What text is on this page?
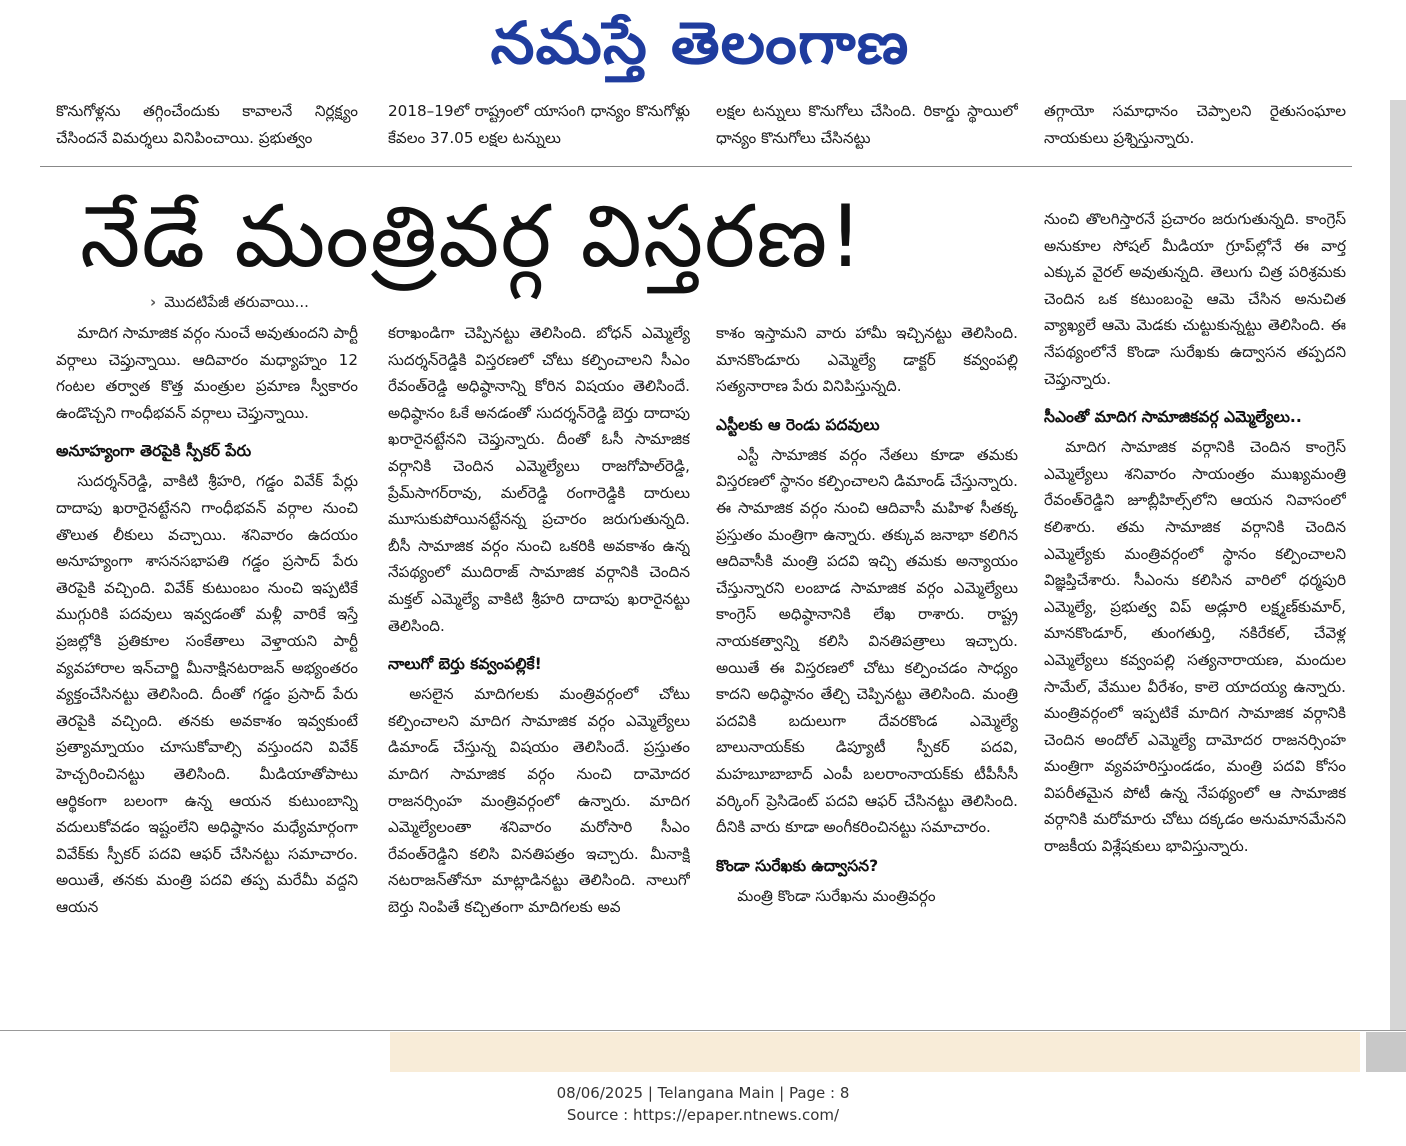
నమస్తే తెలంగాణ

కొనుగోళ్లను తగ్గించేందుకు కావాలనే నిర్లక్ష్యం చేసిందనే విమర్శలు వినిపించాయి. ప్రభుత్వం

2018–19లో రాష్ట్రంలో యాసంగి ధాన్యం కొనుగోళ్లు కేవలం 37.05 లక్షల టన్నులు

లక్షల టన్నులు కొనుగోలు చేసింది. రికార్డు స్థాయిలో ధాన్యం కొనుగోలు చేసినట్టు

తగ్గాయో సమాధానం చెప్పాలని రైతుసంఘాల నాయకులు ప్రశ్నిస్తున్నారు.

నేడే మంత్రివర్గ విస్తరణ!
› మొదటిపేజీ తరువాయి...

మాదిగ సామాజిక వర్గం నుంచే అవుతుందని పార్టీ వర్గాలు చెప్తున్నాయి. ఆదివారం మధ్యాహ్నం 12 గంటల తర్వాత కొత్త మంత్రుల ప్రమాణ స్వీకారం ఉండొచ్చని గాంధీభవన్ వర్గాలు చెప్తున్నాయి.

అనూహ్యంగా తెరపైకి స్పీకర్ పేరు

సుదర్శన్‌రెడ్డి, వాకిటి శ్రీహరి, గడ్డం వివేక్ పేర్లు దాదాపు ఖరారైనట్టేనని గాంధీభవన్ వర్గాల నుంచి తొలుత లీకులు వచ్చాయి. శనివారం ఉదయం అనూహ్యంగా శాసనసభాపతి గడ్డం ప్రసాద్ పేరు తెరపైకి వచ్చింది. వివేక్ కుటుంబం నుంచి ఇప్పటికే ముగ్గురికి పదవులు ఇవ్వడంతో మళ్లీ వారికే ఇస్తే ప్రజల్లోకి ప్రతికూల సంకేతాలు వెళ్తాయని పార్టీ వ్యవహారాల ఇన్‌చార్జి మీనాక్షినటరాజన్ అభ్యంతరం వ్యక్తంచేసినట్టు తెలిసింది. దీంతో గడ్డం ప్రసాద్ పేరు తెరపైకి వచ్చింది. తనకు అవకాశం ఇవ్వకుంటే ప్రత్యామ్నాయం చూసుకోవాల్సి వస్తుందని వివేక్ హెచ్చరించినట్టు తెలిసింది. మీడియాతోపాటు ఆర్థికంగా బలంగా ఉన్న ఆయన కుటుంబాన్ని వదులుకోవడం ఇష్టంలేని అధిష్ఠానం మధ్యేమార్గంగా వివేక్‌కు స్పీకర్ పదవి ఆఫర్ చేసినట్టు సమాచారం. అయితే, తనకు మంత్రి పదవి తప్ప మరేమీ వద్దని ఆయన

కరాఖండిగా చెప్పినట్టు తెలిసింది. బోధన్ ఎమ్మెల్యే సుదర్శన్‌రెడ్డికి విస్తరణలో చోటు కల్పించాలని సీఎం రేవంత్‌రెడ్డి అధిష్ఠానాన్ని కోరిన విషయం తెలిసిందే. అధిష్ఠానం ఓకే అనడంతో సుదర్శన్‌రెడ్డి బెర్తు దాదాపు ఖరారైనట్టేనని చెప్తున్నారు. దీంతో ఓసీ సామాజిక వర్గానికి చెందిన ఎమ్మెల్యేలు రాజగోపాల్‌రెడ్డి, ప్రేమ్‌సాగర్‌రావు, మల్‌రెడ్డి రంగారెడ్డికి దారులు మూసుకుపోయినట్టేనన్న ప్రచారం జరుగుతున్నది. బీసీ సామాజిక వర్గం నుంచి ఒకరికి అవకాశం ఉన్న నేపథ్యంలో ముదిరాజ్ సామాజిక వర్గానికి చెందిన మక్తల్ ఎమ్మెల్యే వాకిటి శ్రీహరి దాదాపు ఖరారైనట్టు తెలిసింది.

నాలుగో బెర్తు కవ్వంపల్లికే!

అసలైన మాదిగలకు మంత్రివర్గంలో చోటు కల్పించాలని మాదిగ సామాజిక వర్గం ఎమ్మెల్యేలు డిమాండ్ చేస్తున్న విషయం తెలిసిందే. ప్రస్తుతం మాదిగ సామాజిక వర్గం నుంచి దామోదర రాజనర్సింహ మంత్రివర్గంలో ఉన్నారు. మాదిగ ఎమ్మెల్యేలంతా శనివారం మరోసారి సీఎం రేవంత్‌రెడ్డిని కలిసి వినతిపత్రం ఇచ్చారు. మీనాక్షి నటరాజన్‌తోనూ మాట్లాడినట్టు తెలిసింది. నాలుగో బెర్తు నింపితే కచ్చితంగా మాదిగలకు అవ

కాశం ఇస్తామని వారు హామీ ఇచ్చినట్టు తెలిసింది. మానకొండూరు ఎమ్మెల్యే డాక్టర్ కవ్వంపల్లి సత్యనారాణ పేరు వినిపిస్తున్నది.

ఎస్టీలకు ఆ రెండు పదవులు

ఎస్టీ సామాజిక వర్గం నేతలు కూడా తమకు విస్తరణలో స్థానం కల్పించాలని డిమాండ్ చేస్తున్నారు. ఈ సామాజిక వర్గం నుంచి ఆదివాసీ మహిళ సీతక్క ప్రస్తుతం మంత్రిగా ఉన్నారు. తక్కువ జనాభా కలిగిన ఆదివాసీకి మంత్రి పదవి ఇచ్చి తమకు అన్యాయం చేస్తున్నారని లంబాడ సామాజిక వర్గం ఎమ్మెల్యేలు కాంగ్రెస్ అధిష్ఠానానికి లేఖ రాశారు. రాష్ట్ర నాయకత్వాన్ని కలిసి వినతిపత్రాలు ఇచ్చారు. అయితే ఈ విస్తరణలో చోటు కల్పించడం సాధ్యం కాదని అధిష్ఠానం తేల్చి చెప్పినట్టు తెలిసింది. మంత్రి పదవికి బదులుగా దేవరకొండ ఎమ్మెల్యే బాలునాయక్‌కు డిప్యూటీ స్పీకర్ పదవి, మహబూబాబాద్ ఎంపీ బలరాంనాయక్‌కు టీపీసీసీ వర్కింగ్ ప్రెసిడెంట్ పదవి ఆఫర్ చేసినట్టు తెలిసింది. దీనికి వారు కూడా అంగీకరించినట్టు సమాచారం.

కొండా సురేఖకు ఉద్వాసన?

మంత్రి కొండా సురేఖను మంత్రివర్గం

నుంచి తొలగిస్తారనే ప్రచారం జరుగుతున్నది. కాంగ్రెస్ అనుకూల సోషల్ మీడియా గ్రూప్‌ల్లోనే ఈ వార్త ఎక్కువ వైరల్ అవుతున్నది. తెలుగు చిత్ర పరిశ్రమకు చెందిన ఒక కటుంబంపై ఆమె చేసిన అనుచిత వ్యాఖ్యలే ఆమె మెడకు చుట్టుకున్నట్టు తెలిసింది. ఈ నేపథ్యంలోనే కొండా సురేఖకు ఉద్వాసన తప్పదని చెప్తున్నారు.

సీఎంతో మాదిగ సామాజికవర్గ ఎమ్మెల్యేలు..

మాదిగ సామాజిక వర్గానికి చెందిన కాంగ్రెస్ ఎమ్మెల్యేలు శనివారం సాయంత్రం ముఖ్యమంత్రి రేవంత్‌రెడ్డిని జూబ్లీహిల్స్‌లోని ఆయన నివాసంలో కలిశారు. తమ సామాజిక వర్గానికి చెందిన ఎమ్మెల్యేకు మంత్రివర్గంలో స్థానం కల్పించాలని విజ్ఞప్తిచేశారు. సీఎంను కలిసిన వారిలో ధర్మపురి ఎమ్మెల్యే, ప్రభుత్వ విప్ అడ్లూరి లక్ష్మణ్‌కుమార్, మానకొండూర్, తుంగతుర్తి, నకిరేకల్, చేవెళ్ల ఎమ్మెల్యేలు కవ్వంపల్లి సత్యనారాయణ, మందుల సామేల్, వేముల వీరేశం, కాలె యాదయ్య ఉన్నారు. మంత్రివర్గంలో ఇప్పటికే మాదిగ సామాజిక వర్గానికి చెందిన అందోల్ ఎమ్మెల్యే దామోదర రాజనర్సింహ మంత్రిగా వ్యవహరిస్తుండడం, మంత్రి పదవి కోసం విపరీతమైన పోటీ ఉన్న నేపథ్యంలో ఆ సామాజిక వర్గానికి మరోమారు చోటు దక్కడం అనుమానమేనని రాజకీయ విశ్లేషకులు భావిస్తున్నారు.

08/06/2025 | Telangana Main | Page : 8
Source : https://epaper.ntnews.com/
